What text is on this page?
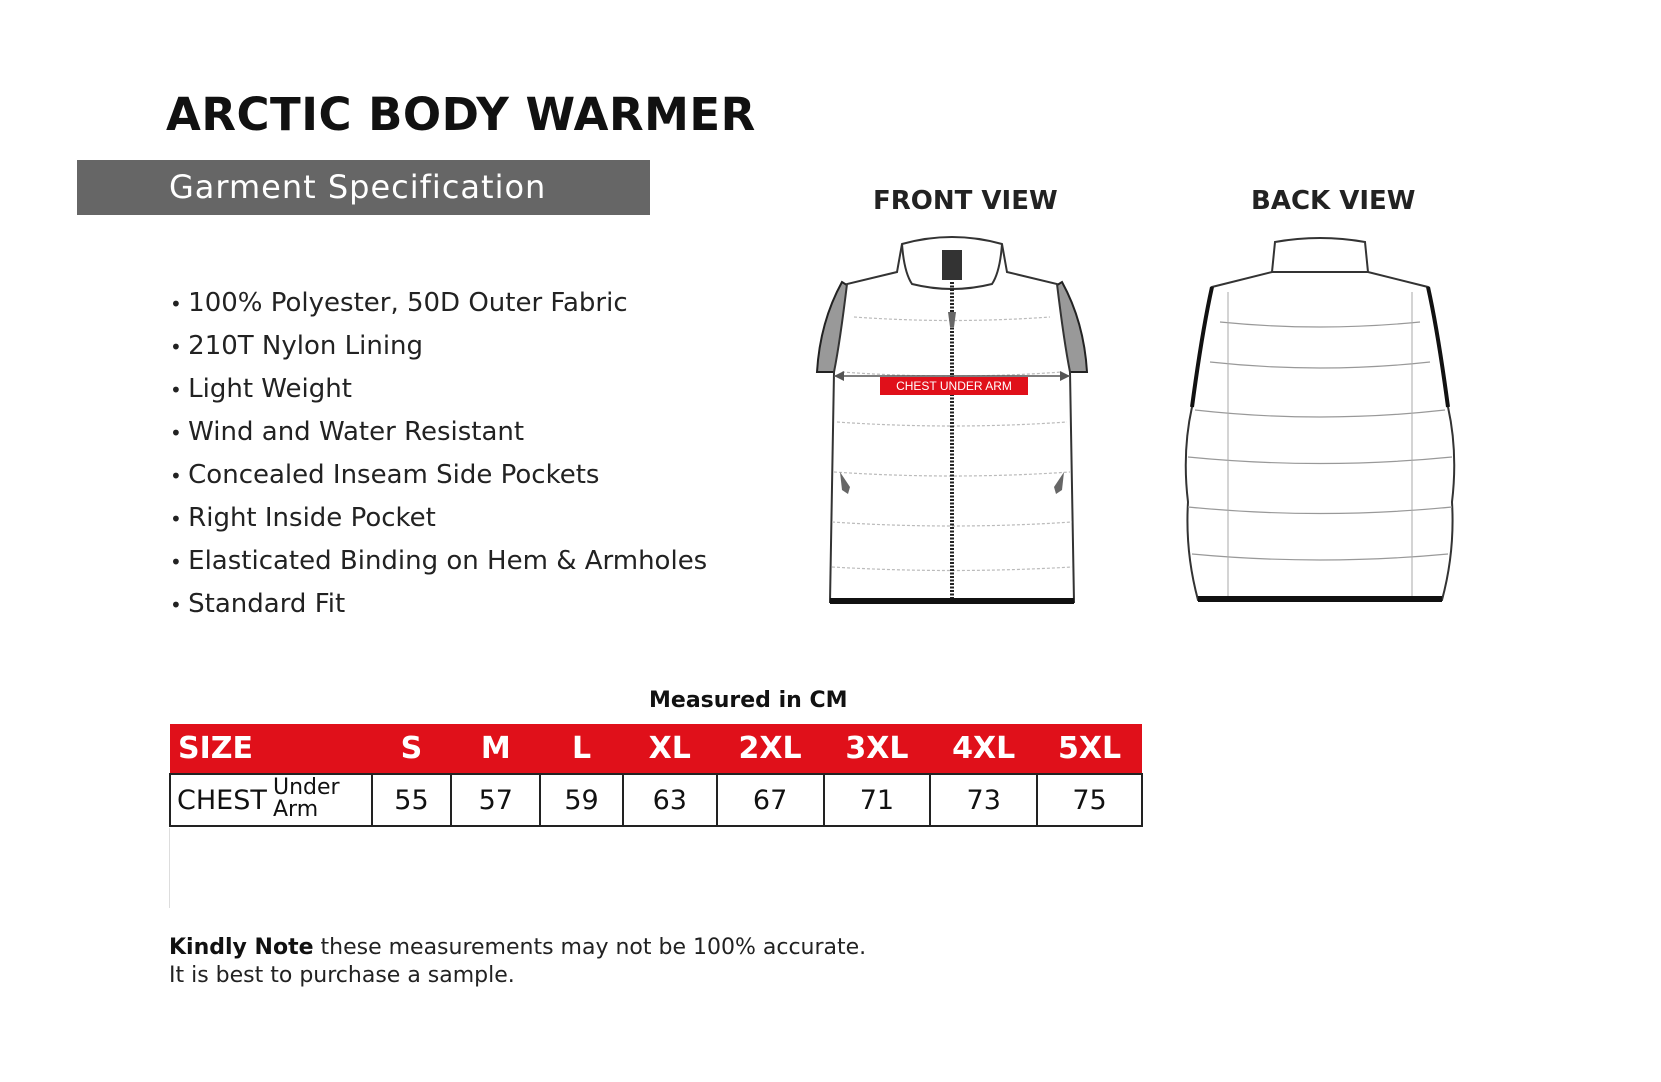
ARCTIC BODY WARMER
Garment Specification
• 100% Polyester, 50D Outer Fabric
• 210T Nylon Lining
• Light Weight
• Wind and Water Resistant
• Concealed Inseam Side Pockets
• Right Inside Pocket
• Elasticated Binding on Hem & Armholes
• Standard Fit
FRONT VIEW	BACK VIEW
CHEST UNDER ARM
Measured in CM
SIZE	S	M	L	XL	2XL	3XL	4XL	5XL
CHEST Under
Arm	55	57	59	63	67	71	73	75
Kindly Note these measurements may not be 100% accurate.
It is best to purchase a sample.
